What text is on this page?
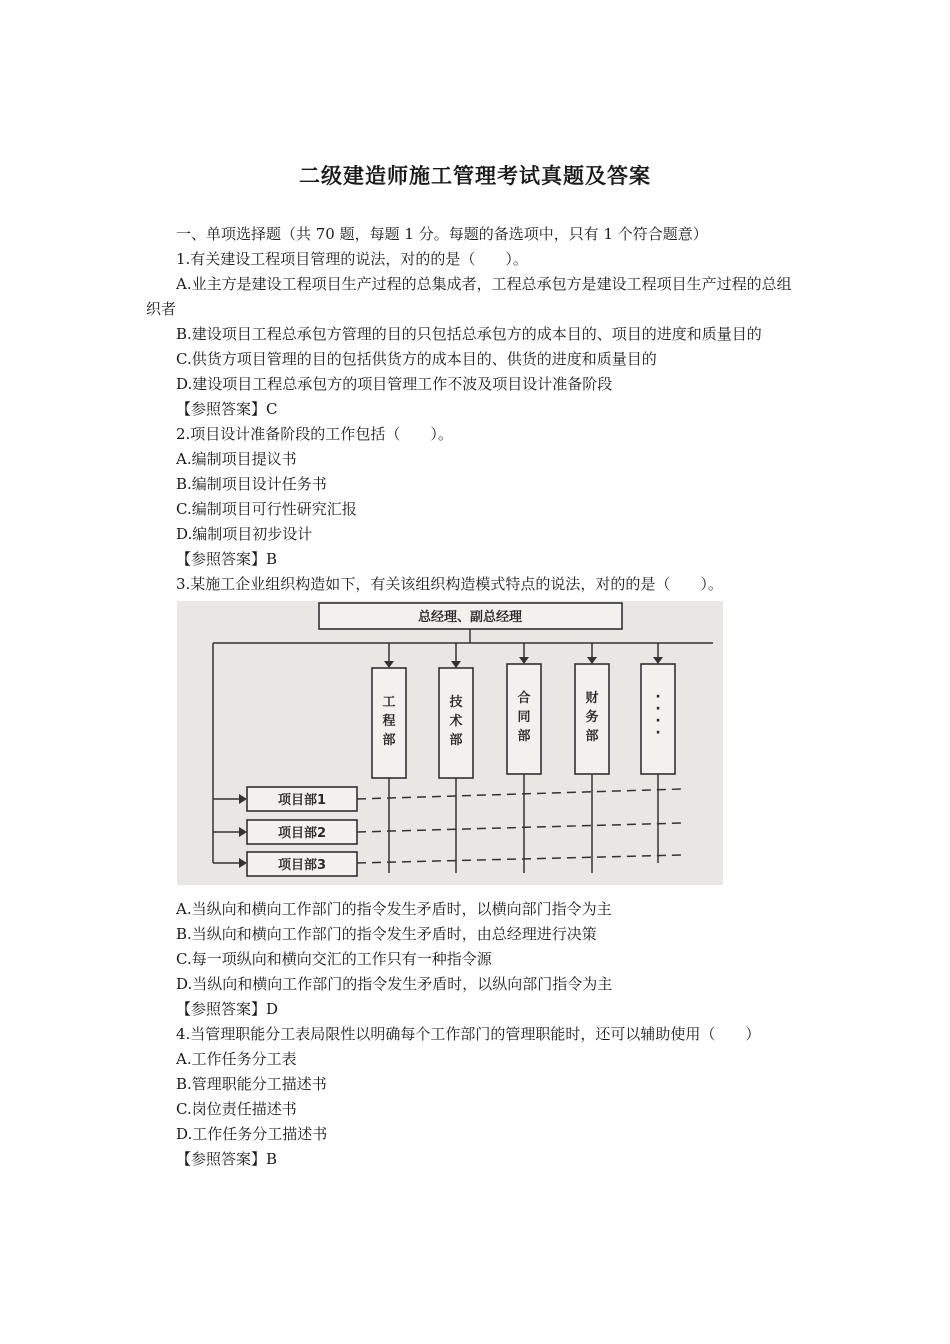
二级建造师施工管理考试真题及答案

一、单项选择题（共 70 题，每题 1 分。每题的备选项中，只有 1 个符合题意）

1.有关建设工程项目管理的说法，对的的是（　　）。

A.业主方是建设工程项目生产过程的总集成者，工程总承包方是建设工程项目生产过程的总组织者

B.建设项目工程总承包方管理的目的只包括总承包方的成本目的、项目的进度和质量目的

C.供货方项目管理的目的包括供货方的成本目的、供货的进度和质量目的

D.建设项目工程总承包方的项目管理工作不波及项目设计准备阶段

【参照答案】C

2.项目设计准备阶段的工作包括（　　）。

A.编制项目提议书

B.编制项目设计任务书

C.编制项目可行性研究汇报

D.编制项目初步设计

【参照答案】B

3.某施工企业组织构造如下，有关该组织构造模式特点的说法，对的的是（　　）。

总经理、副总经理
工程部
技术部
合同部
财务部
· · · ·
项目部1
项目部2
项目部3

A.当纵向和横向工作部门的指令发生矛盾时，以横向部门指令为主

B.当纵向和横向工作部门的指令发生矛盾时，由总经理进行决策

C.每一项纵向和横向交汇的工作只有一种指令源

D.当纵向和横向工作部门的指令发生矛盾时，以纵向部门指令为主

【参照答案】D

4.当管理职能分工表局限性以明确每个工作部门的管理职能时，还可以辅助使用（　　）

A.工作任务分工表

B.管理职能分工描述书

C.岗位责任描述书

D.工作任务分工描述书

【参照答案】B
